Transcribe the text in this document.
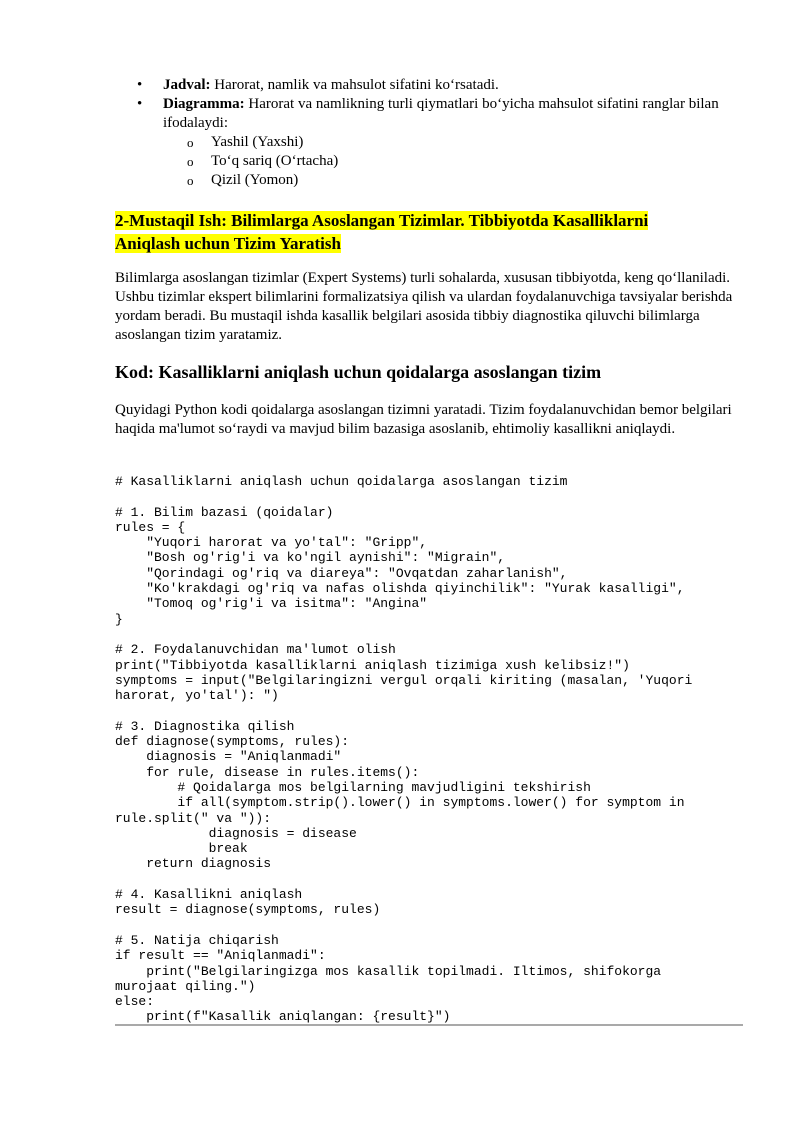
• Jadval: Harorat, namlik va mahsulot sifatini koʻrsatadi.
• Diagramma: Harorat va namlikning turli qiymatlari boʻyicha mahsulot sifatini ranglar bilan ifodalaydi:
o Yashil (Yaxshi)
o Toʻq sariq (Oʻrtacha)
o Qizil (Yomon)
2-Mustaqil Ish: Bilimlarga Asoslangan Tizimlar. Tibbiyotda Kasalliklarni Aniqlash uchun Tizim Yaratish

Bilimlarga asoslangan tizimlar (Expert Systems) turli sohalarda, xususan tibbiyotda, keng qoʻllaniladi. Ushbu tizimlar ekspert bilimlarini formalizatsiya qilish va ulardan foydalanuvchiga tavsiyalar berishda yordam beradi. Bu mustaqil ishda kasallik belgilari asosida tibbiy diagnostika qiluvchi bilimlarga asoslangan tizim yaratamiz.

Kod: Kasalliklarni aniqlash uchun qoidalarga asoslangan tizim

Quyidagi Python kodi qoidalarga asoslangan tizimni yaratadi. Tizim foydalanuvchidan bemor belgilari haqida ma'lumot so‘raydi va mavjud bilim bazasiga asoslanib, ehtimoliy kasallikni aniqlaydi.

# Kasalliklarni aniqlash uchun qoidalarga asoslangan tizim

# 1. Bilim bazasi (qoidalar)
rules = {
"Yuqori harorat va yo'tal": "Gripp",
"Bosh og'rig'i va ko'ngil aynishi": "Migrain",
"Qorindagi og'riq va diareya": "Ovqatdan zaharlanish",
"Ko'krakdagi og'riq va nafas olishda qiyinchilik": "Yurak kasalligi",
"Tomoq og'rig'i va isitma": "Angina"
}

# 2. Foydalanuvchidan ma'lumot olish
print("Tibbiyotda kasalliklarni aniqlash tizimiga xush kelibsiz!")
symptoms = input("Belgilaringizni vergul orqali kiriting (masalan, 'Yuqori
harorat, yo'tal'): ")

# 3. Diagnostika qilish
def diagnose(symptoms, rules):
diagnosis = "Aniqlanmadi"
for rule, disease in rules.items():
# Qoidalarga mos belgilarning mavjudligini tekshirish
if all(symptom.strip().lower() in symptoms.lower() for symptom in
rule.split(" va ")):
diagnosis = disease
break
return diagnosis

# 4. Kasallikni aniqlash
result = diagnose(symptoms, rules)

# 5. Natija chiqarish
if result == "Aniqlanmadi":
print("Belgilaringizga mos kasallik topilmadi. Iltimos, shifokorga
murojaat qiling.")
else:
print(f"Kasallik aniqlangan: {result}")
